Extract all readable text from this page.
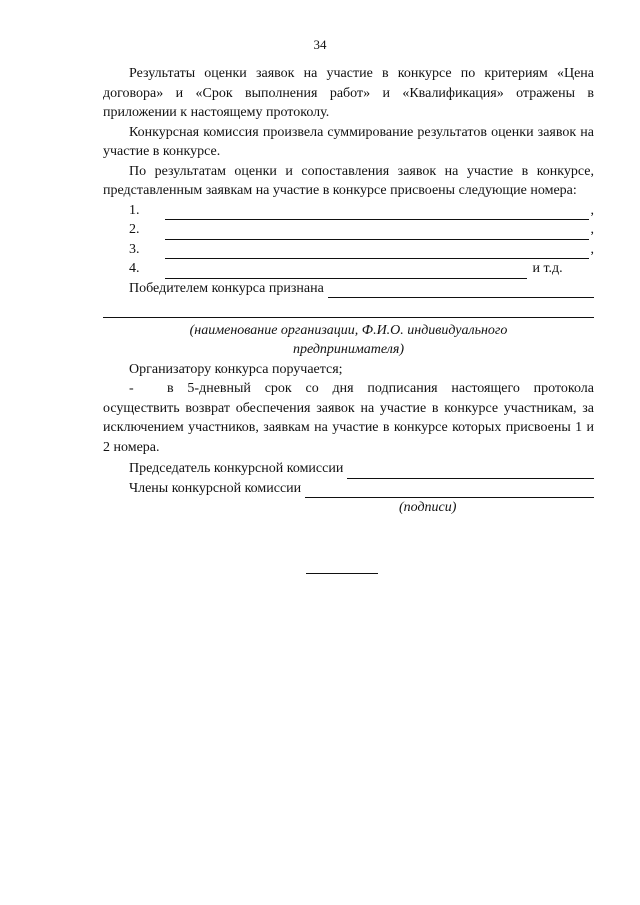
34

Результаты оценки заявок на участие в конкурсе по критериям «Цена договора» и «Срок выполнения работ» и «Квалификация» отражены в приложении к настоящему протоколу.

Конкурсная комиссия произвела суммирование результатов оценки заявок на участие в конкурсе.

По результатам оценки и сопоставления заявок на участие в конкурсе, представленным заявкам на участие в конкурсе присвоены следующие номера:

1.	,
2.	,
3.	,
4.	и т.д.
Победителем конкурса признана

(наименование организации, Ф.И.О. индивидуального

предпринимателя)

Организатору конкурса поручается;

- в 5-дневный срок со дня подписания настоящего протокола осуществить возврат обеспечения заявок на участие в конкурсе участникам, за исключением участников, заявкам на участие в конкурсе которых присвоены 1 и 2 номера.

Председатель конкурсной комиссии
Члены конкурсной комиссии

(подписи)
